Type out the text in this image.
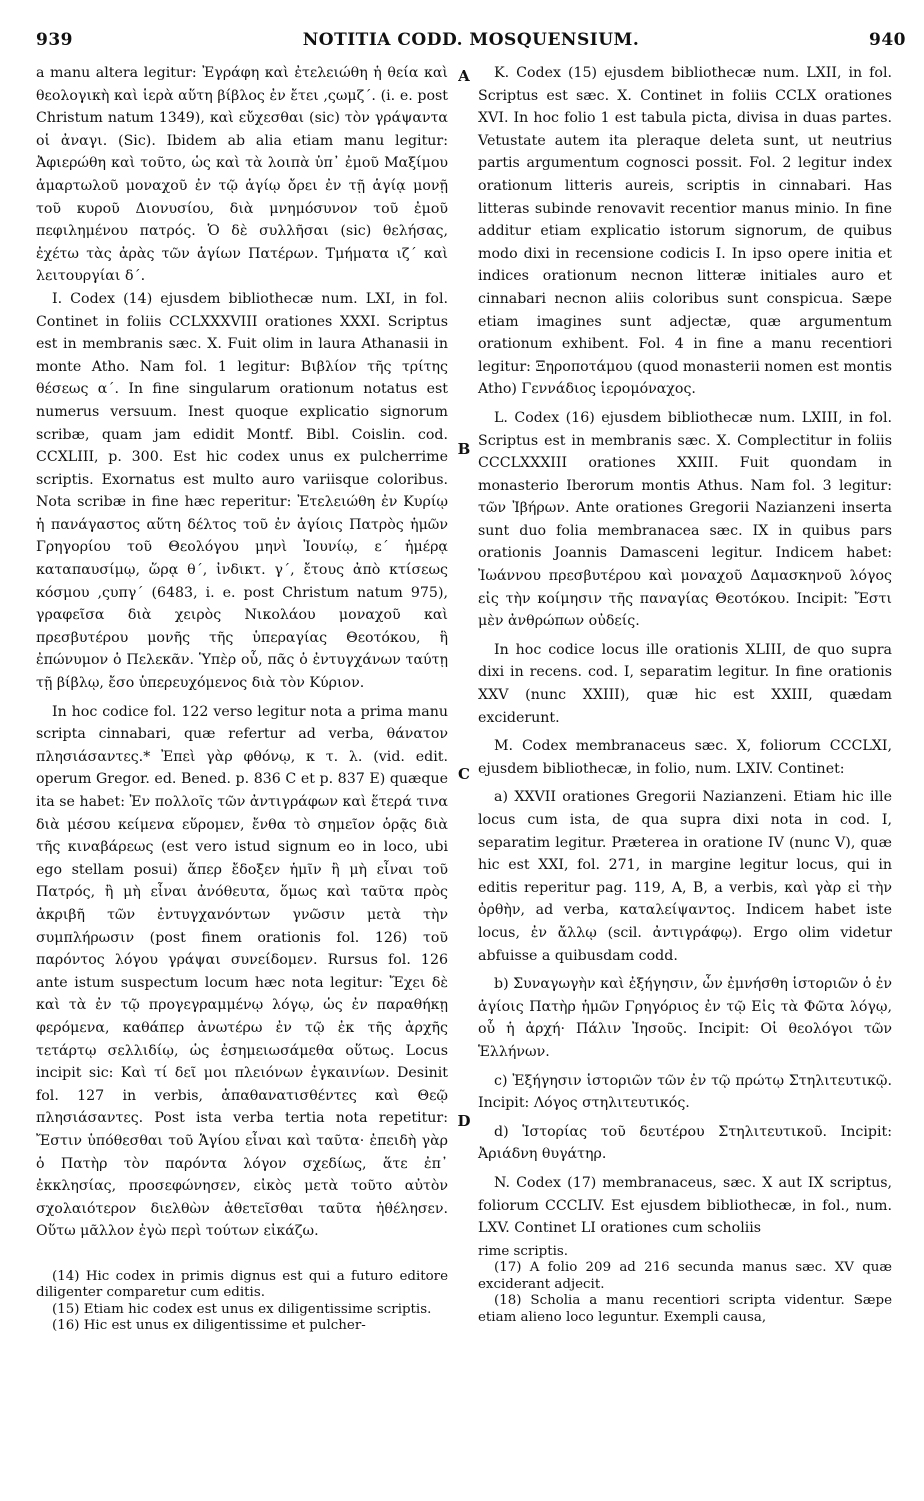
939	NOTITIA CODD. MOSQUENSIUM.	940
A
B
C
D

a manu altera legitur: Ἐγράφη καὶ ἐτελειώθη ἡ θεία καὶ θεολογικὴ καὶ ἱερὰ αὕτη βίβλος ἐν ἔτει ,ςωμζ´. (i. e. post Christum natum 1349), καὶ εὔχεσθαι (sic) τὸν γράψαντα οἱ ἀναγι. (Sic). Ibidem ab alia etiam manu legitur: Ἀφιερώθη καὶ τοῦτο, ὡς καὶ τὰ λοιπὰ ὑπ᾽ ἐμοῦ Μαξίμου ἁμαρτωλοῦ μοναχοῦ ἐν τῷ ἁγίῳ ὄρει ἐν τῇ ἁγίᾳ μονῇ τοῦ κυροῦ Διονυσίου, διὰ μνημόσυνον τοῦ ἐμοῦ πεφιλημένου πατρός. Ὁ δὲ συλλῆσαι (sic) θελήσας, ἐχέτω τὰς ἀρὰς τῶν ἁγίων Πατέρων. Τμήματα ιζ´ καὶ λειτουργίαι δ´.

I. Codex (14) ejusdem bibliothecæ num. LXI, in fol. Continet in foliis CCLXXXVIII orationes XXXI. Scriptus est in membranis sæc. X. Fuit olim in laura Athanasii in monte Atho. Nam fol. 1 legitur: Βιβλίον τῆς τρίτης θέσεως α´. In fine singularum orationum notatus est numerus versuum. Inest quoque explicatio signorum scribæ, quam jam edidit Montf. Bibl. Coislin. cod. CCXLIII, p. 300. Est hic codex unus ex pulcherrime scriptis. Exornatus est multo auro variisque coloribus. Nota scribæ in fine hæc reperitur: Ἐτελειώθη ἐν Κυρίῳ ἡ πανάγαστος αὕτη δέλτος τοῦ ἐν ἁγίοις Πατρὸς ἡμῶν Γρηγορίου τοῦ Θεολόγου μηνὶ Ἰουνίῳ, ε´ ἡμέρᾳ καταπαυσίμῳ, ὥρᾳ θ´, ἰνδικτ. γ´, ἔτους ἀπὸ κτίσεως κόσμου ,ςυπγ´ (6483, i. e. post Christum natum 975), γραφεῖσα διὰ χειρὸς Νικολάου μοναχοῦ καὶ πρεσβυτέρου μονῆς τῆς ὑπεραγίας Θεοτόκου, ἣ ἐπώνυμον ὁ Πελεκᾶν. Ὑπὲρ οὗ, πᾶς ὁ ἐντυγχάνων ταύτῃ τῇ βίβλῳ, ἔσο ὑπερευχόμενος διὰ τὸν Κύριον.

In hoc codice fol. 122 verso legitur nota a prima manu scripta cinnabari, quæ refertur ad verba, θάνατον πλησιάσαντες.* Ἐπεὶ γὰρ φθόνῳ, κ τ. λ. (vid. edit. operum Gregor. ed. Bened. p. 836 C et p. 837 E) quæque ita se habet: Ἐν πολλοῖς τῶν ἀντιγράφων καὶ ἕτερά τινα διὰ μέσου κείμενα εὕρομεν, ἔνθα τὸ σημεῖον ὁρᾷς διὰ τῆς κιναβάρεως (est vero istud signum eo in loco, ubi ego stellam posui) ἅπερ ἔδοξεν ἡμῖν ἢ μὴ εἶναι τοῦ Πατρός, ἢ μὴ εἶναι ἀνόθευτα, ὅμως καὶ ταῦτα πρὸς ἀκριβῆ τῶν ἐντυγχανόντων γνῶσιν μετὰ τὴν συμπλήρωσιν (post finem orationis fol. 126) τοῦ παρόντος λόγου γράψαι συνείδομεν. Rursus fol. 126 ante istum suspectum locum hæc nota legitur: Ἔχει δὲ καὶ τὰ ἐν τῷ προγεγραμμένῳ λόγῳ, ὡς ἐν παραθήκῃ φερόμενα, καθάπερ ἀνωτέρω ἐν τῷ ἐκ τῆς ἀρχῆς τετάρτῳ σελλιδίῳ, ὡς ἐσημειωσάμεθα οὕτως. Locus incipit sic: Καὶ τί δεῖ μοι πλειόνων ἐγκαινίων. Desinit fol. 127 in verbis, ἀπαθανατισθέντες καὶ Θεῷ πλησιάσαντες. Post ista verba tertia nota repetitur: Ἔστιν ὑπόθεσθαι τοῦ Ἁγίου εἶναι καὶ ταῦτα· ἐπειδὴ γὰρ ὁ Πατὴρ τὸν παρόντα λόγον σχεδίως, ἅτε ἐπ᾽ ἐκκλησίας, προσεφώνησεν, εἰκὸς μετὰ τοῦτο αὐτὸν σχολαιότερον διελθὼν ἀθετεῖσθαι ταῦτα ἠθέλησεν. Οὕτω μᾶλλον ἐγὼ περὶ τούτων εἰκάζω.

(14) Hic codex in primis dignus est qui a futuro editore diligenter comparetur cum editis.

(15) Etiam hic codex est unus ex diligentissime scriptis.

(16) Hic est unus ex diligentissime et pulcher-

K. Codex (15) ejusdem bibliothecæ num. LXII, in fol. Scriptus est sæc. X. Continet in foliis CCLX orationes XVI. In hoc folio 1 est tabula picta, divisa in duas partes. Vetustate autem ita pleraque deleta sunt, ut neutrius partis argumentum cognosci possit. Fol. 2 legitur index orationum litteris aureis, scriptis in cinnabari. Has litteras subinde renovavit recentior manus minio. In fine additur etiam explicatio istorum signorum, de quibus modo dixi in recensione codicis I. In ipso opere initia et indices orationum necnon litteræ initiales auro et cinnabari necnon aliis coloribus sunt conspicua. Sæpe etiam imagines sunt adjectæ, quæ argumentum orationum exhibent. Fol. 4 in fine a manu recentiori legitur: Ξηροποτάμου (quod monasterii nomen est montis Atho) Γεννάδιος ἱερομόναχος.

L. Codex (16) ejusdem bibliothecæ num. LXIII, in fol. Scriptus est in membranis sæc. X. Complectitur in foliis CCCLXXXIII orationes XXIII. Fuit quondam in monasterio Iberorum montis Athus. Nam fol. 3 legitur: τῶν Ἰβήρων. Ante orationes Gregorii Nazianzeni inserta sunt duo folia membranacea sæc. IX in quibus pars orationis Joannis Damasceni legitur. Indicem habet: Ἰωάννου πρεσβυτέρου καὶ μοναχοῦ Δαμασκηνοῦ λόγος εἰς τὴν κοίμησιν τῆς παναγίας Θεοτόκου. Incipit: Ἔστι μὲν ἀνθρώπων οὐδείς.

In hoc codice locus ille orationis XLIII, de quo supra dixi in recens. cod. I, separatim legitur. In fine orationis XXV (nunc XXIII), quæ hic est XXIII, quædam exciderunt.

M. Codex membranaceus sæc. X, foliorum CCCLXI, ejusdem bibliothecæ, in folio, num. LXIV. Continet:

a) XXVII orationes Gregorii Nazianzeni. Etiam hic ille locus cum ista, de qua supra dixi nota in cod. I, separatim legitur. Præterea in oratione IV (nunc V), quæ hic est XXI, fol. 271, in margine legitur locus, qui in editis reperitur pag. 119, A, B, a verbis, καὶ γὰρ εἰ τὴν ὀρθὴν, ad verba, καταλείψαντος. Indicem habet iste locus, ἐν ἄλλῳ (scil. ἀντιγράφῳ). Ergo olim videtur abfuisse a quibusdam codd.

b) Συναγωγὴν καὶ ἐξήγησιν, ὧν ἐμνήσθη ἱστοριῶν ὁ ἐν ἁγίοις Πατὴρ ἡμῶν Γρηγόριος ἐν τῷ Εἰς τὰ Φῶτα λόγῳ, οὗ ἡ ἀρχή· Πάλιν Ἰησοῦς. Incipit: Οἱ θεολόγοι τῶν Ἑλλήνων.

c) Ἐξήγησιν ἱστοριῶν τῶν ἐν τῷ πρώτῳ Στηλιτευτικῷ. Incipit: Λόγος στηλιτευτικός.

d) Ἱστορίας τοῦ δευτέρου Στηλιτευτικοῦ. Incipit: Ἀριάδνη θυγάτηρ.

N. Codex (17) membranaceus, sæc. X aut IX scriptus, foliorum CCCLIV. Est ejusdem bibliothecæ, in fol., num. LXV. Continet LI orationes cum scholiis

rime scriptis.

(17) A folio 209 ad 216 secunda manus sæc. XV quæ exciderant adjecit.

(18) Scholia a manu recentiori scripta videntur. Sæpe etiam alieno loco leguntur. Exempli causa,
